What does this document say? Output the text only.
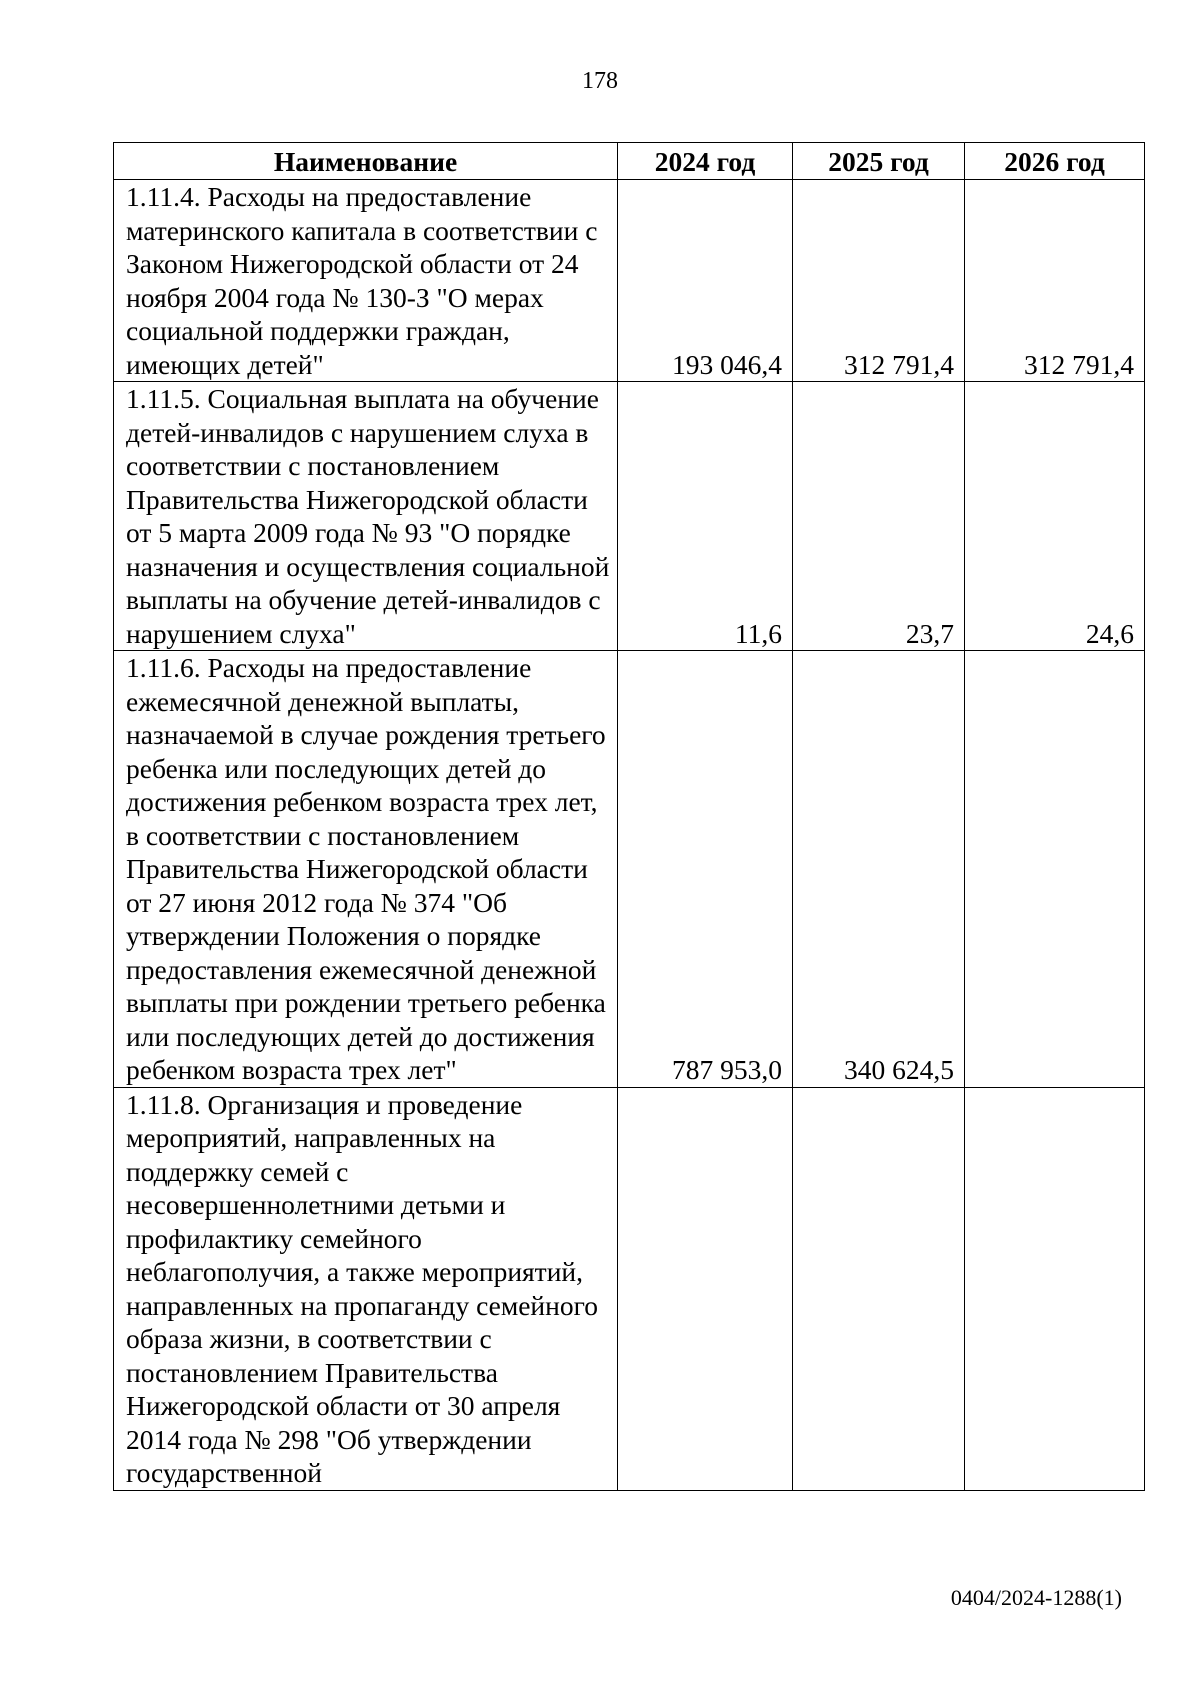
178
Наименование	2024 год	2025 год	2026 год
1.11.4. Расходы на предоставление материнского капитала в соответствии с Законом Нижегородской области от 24 ноября 2004 года № 130-З "О мерах социальной поддержки граждан, имеющих детей"	193 046,4	312 791,4	312 791,4
1.11.5. Социальная выплата на обучение детей-инвалидов с нарушением слуха в соответствии с постановлением Правительства Нижегородской области от 5 марта 2009 года № 93 "О порядке назначения и осуществления социальной выплаты на обучение детей-инвалидов с нарушением слуха"	11,6	23,7	24,6
1.11.6. Расходы на предоставление ежемесячной денежной выплаты, назначаемой в случае рождения третьего ребенка или последующих детей до достижения ребенком возраста трех лет, в соответствии с постановлением Правительства Нижегородской области от 27 июня 2012 года № 374 "Об утверждении Положения о порядке предоставления ежемесячной денежной выплаты при рождении третьего ребенка или последующих детей до достижения ребенком возраста трех лет"	787 953,0	340 624,5	
1.11.8. Организация и проведение мероприятий, направленных на поддержку семей с несовершеннолетними детьми и профилактику семейного неблагополучия, а также мероприятий, направленных на пропаганду семейного образа жизни, в соответствии с постановлением Правительства Нижегородской области от 30 апреля 2014 года № 298 "Об утверждении государственной			
0404/2024-1288(1)
